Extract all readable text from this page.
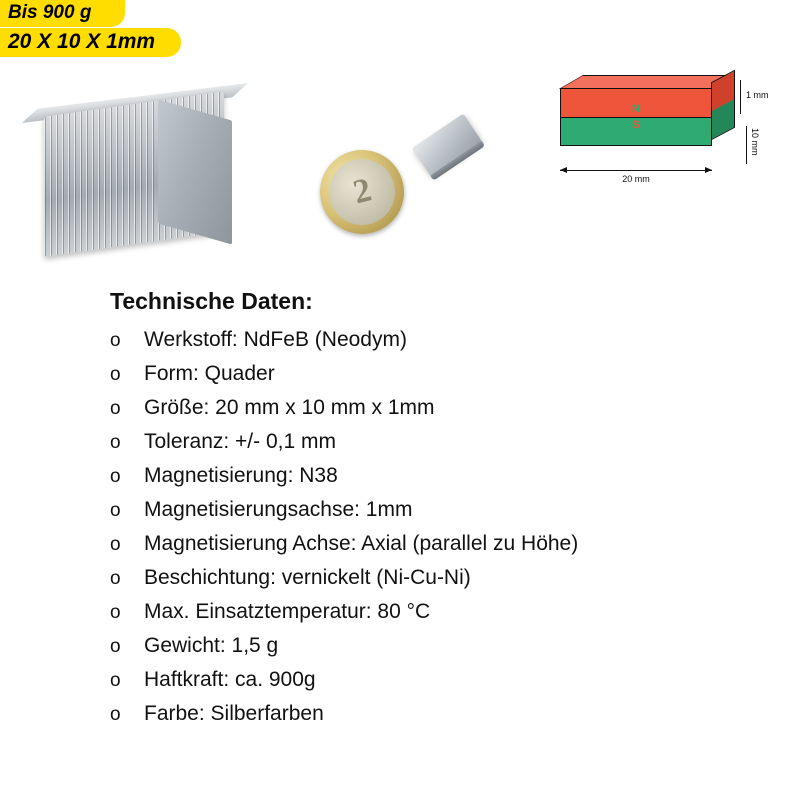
Bis 900 g 20 X 10 X 1mm
2
N
S
20 mm
1 mm
10 mm
Technische Daten:
o	Werkstoff: NdFeB (Neodym)
o	Form: Quader
o	Größe: 20 mm x 10 mm x 1mm
o	Toleranz: +/- 0,1 mm
o	Magnetisierung: N38
o	Magnetisierungsachse: 1mm
o	Magnetisierung Achse: Axial (parallel zu Höhe)
o	Beschichtung: vernickelt (Ni-Cu-Ni)
o	Max. Einsatztemperatur: 80 °C
o	Gewicht: 1,5 g
o	Haftkraft: ca. 900g
o	Farbe: Silberfarben
